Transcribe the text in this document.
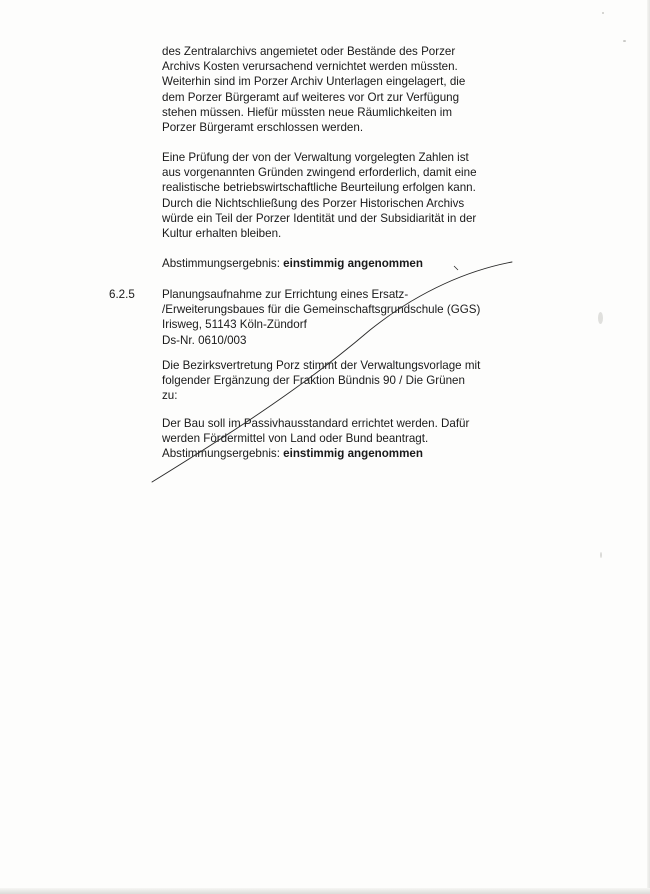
des Zentralarchivs angemietet oder Bestände des Porzer

Archivs Kosten verursachend vernichtet werden müssten.

Weiterhin sind im Porzer Archiv Unterlagen eingelagert, die

dem Porzer Bürgeramt auf weiteres vor Ort zur Verfügung

stehen müssen. Hiefür müssten neue Räumlichkeiten im

Porzer Bürgeramt erschlossen werden.

Eine Prüfung der von der Verwaltung vorgelegten Zahlen ist

aus vorgenannten Gründen zwingend erforderlich, damit eine

realistische betriebswirtschaftliche Beurteilung erfolgen kann.

Durch die Nichtschließung des Porzer Historischen Archivs

würde ein Teil der Porzer Identität und der Subsidiarität in der

Kultur erhalten bleiben.

Abstimmungsergebnis: einstimmig angenommen

6.2.5 Planungsaufnahme zur Errichtung eines Ersatz-

/Erweiterungsbaues für die Gemeinschaftsgrundschule (GGS)

Irisweg, 51143 Köln-Zündorf

Ds-Nr. 0610/003

Die Bezirksvertretung Porz stimmt der Verwaltungsvorlage mit

folgender Ergänzung der Fraktion Bündnis 90 / Die Grünen

zu:

Der Bau soll im Passivhausstandard errichtet werden. Dafür

werden Fördermittel von Land oder Bund beantragt.

Abstimmungsergebnis: einstimmig angenommen
